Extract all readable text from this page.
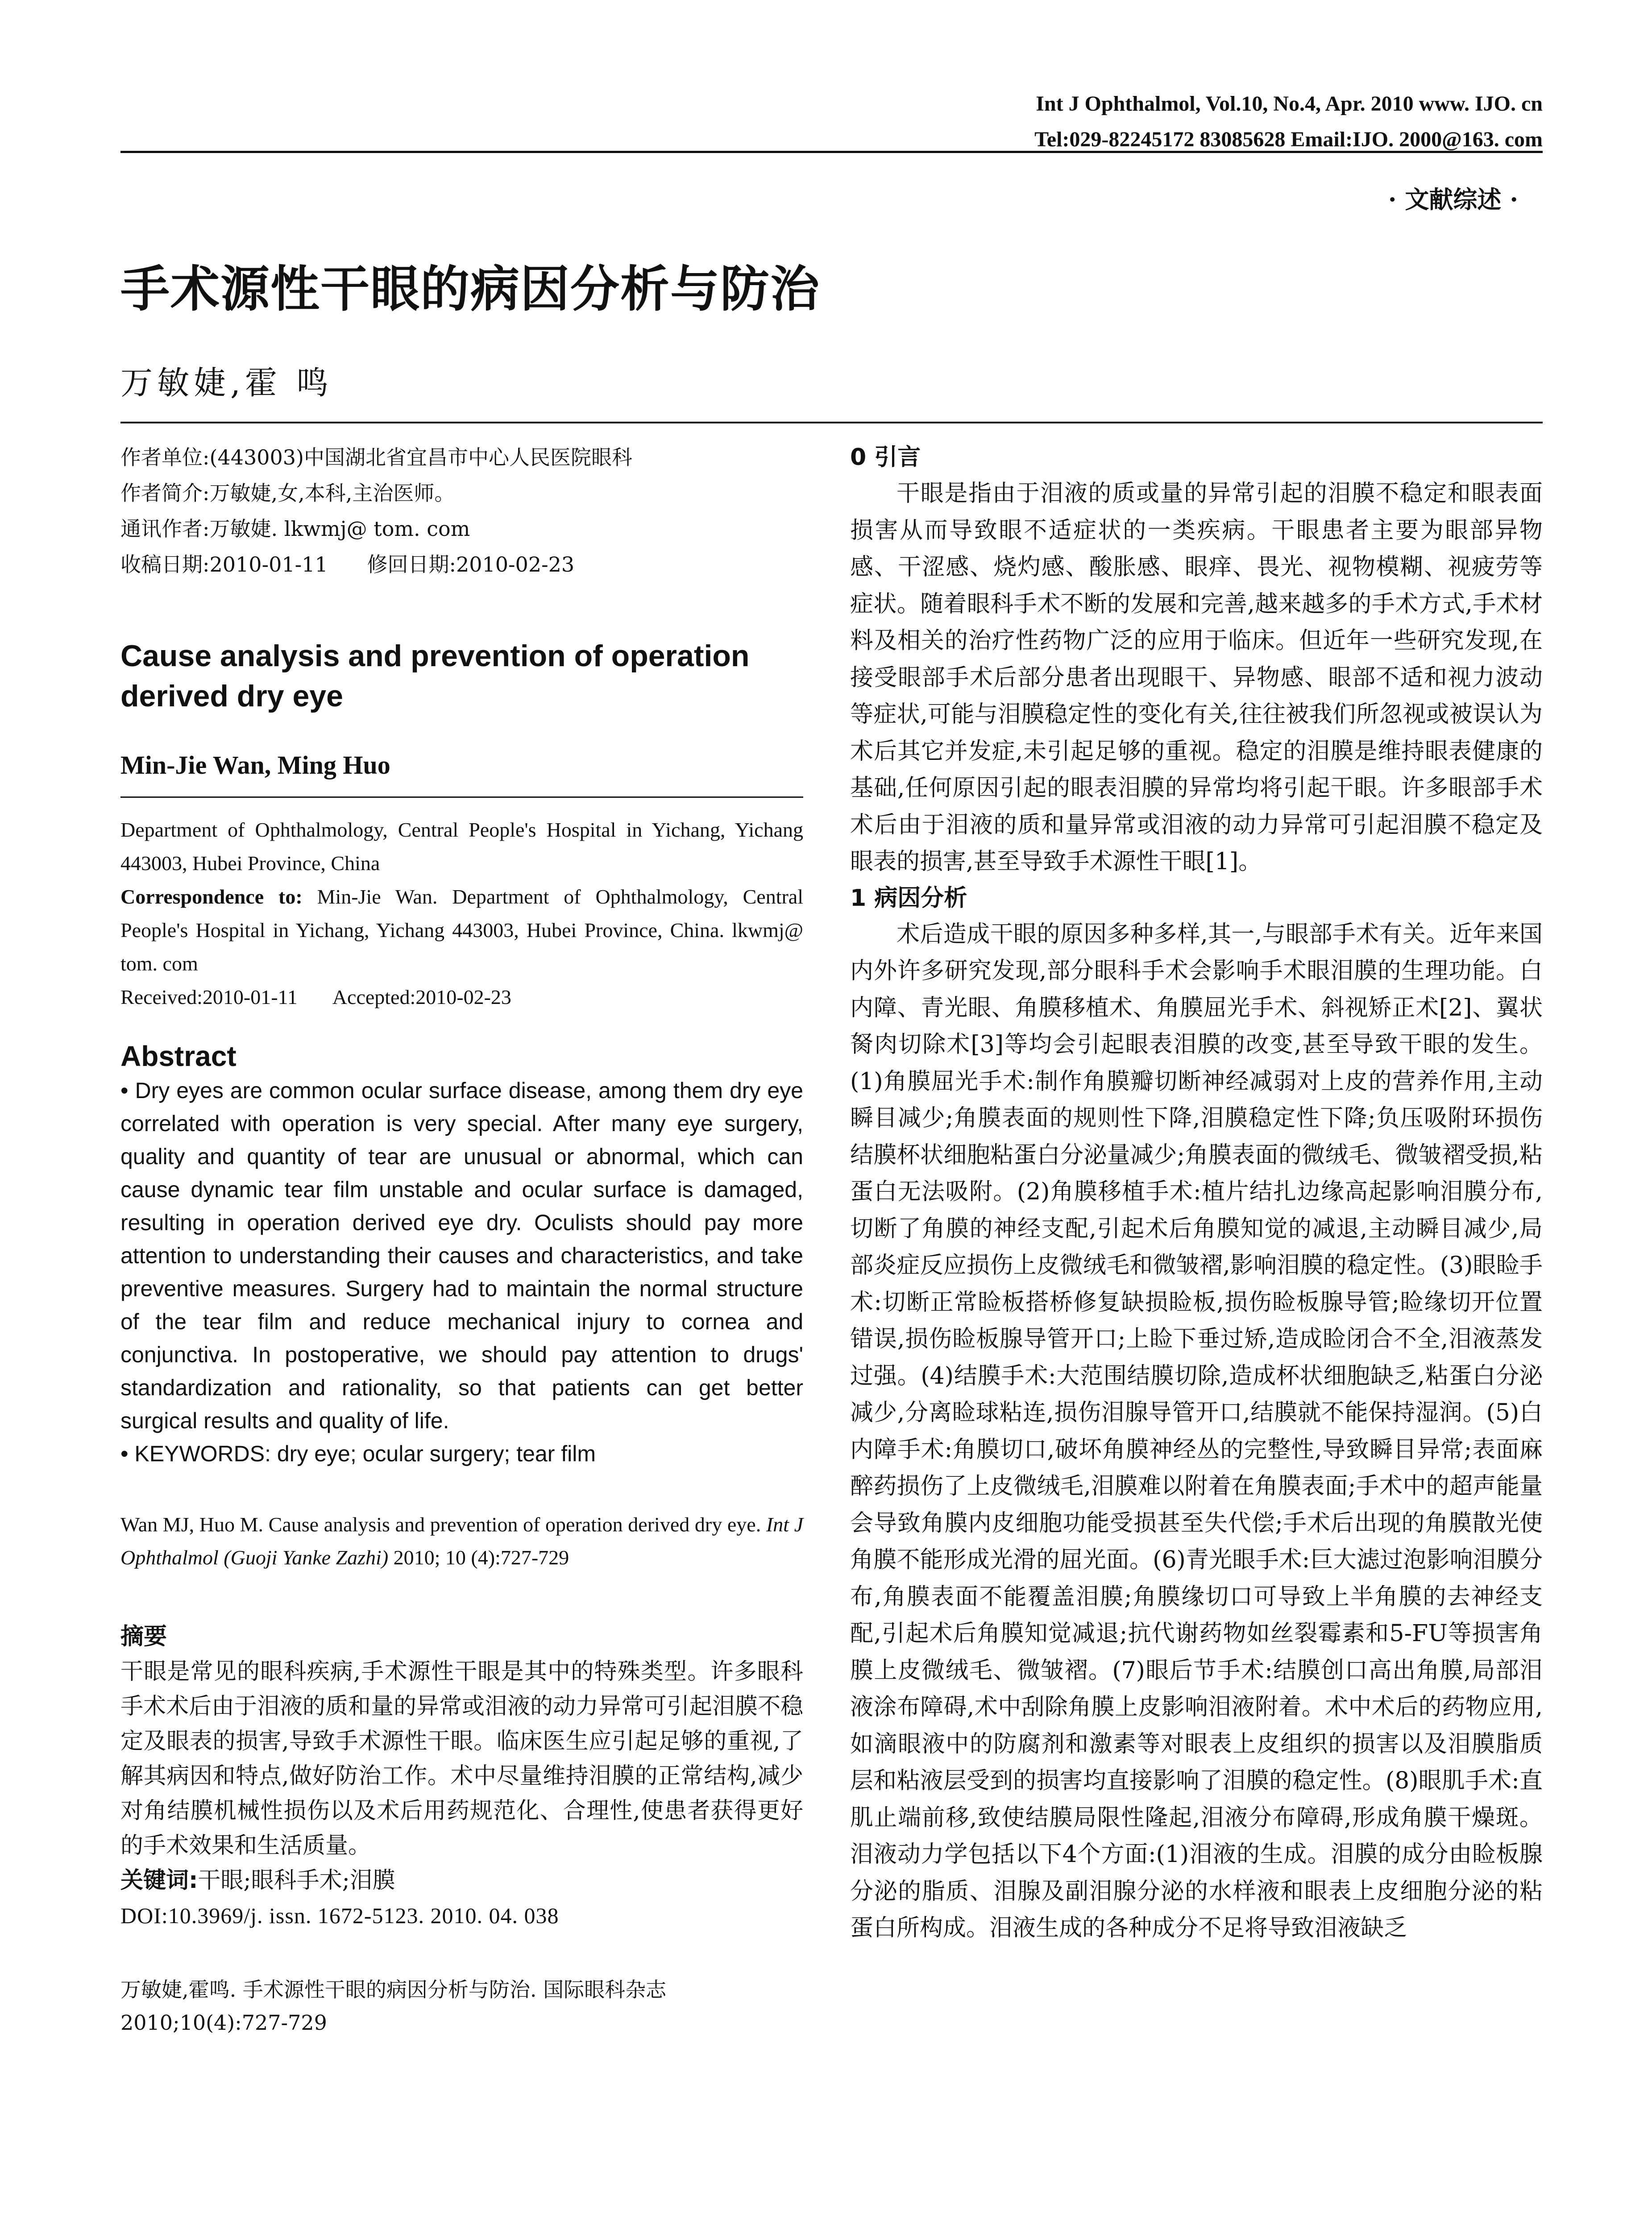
Int J Ophthalmol, Vol.10, No.4, Apr. 2010 www. IJO. cn
Tel:029-82245172 83085628 Email:IJO. 2000@163. com
· 文献综述 ·
手术源性干眼的病因分析与防治
万敏婕,霍 鸣
作者单位:(443003)中国湖北省宜昌市中心人民医院眼科
作者简介:万敏婕,女,本科,主治医师。
通讯作者:万敏婕. lkwmj@ tom. com
收稿日期:2010-01-11      修回日期:2010-02-23
Cause analysis and prevention of operation derived dry eye
Min-Jie Wan, Ming Huo
Department of Ophthalmology, Central People's Hospital in Yichang, Yichang 443003, Hubei Province, China
Correspondence to: Min-Jie Wan. Department of Ophthalmology, Central People's Hospital in Yichang, Yichang 443003, Hubei Province, China. lkwmj@ tom. com
Received:2010-01-11       Accepted:2010-02-23
Abstract
• Dry eyes are common ocular surface disease, among them dry eye correlated with operation is very special. After many eye surgery, quality and quantity of tear are unusual or abnormal, which can cause dynamic tear film unstable and ocular surface is damaged, resulting in operation derived eye dry. Oculists should pay more attention to understanding their causes and characteristics, and take preventive measures. Surgery had to maintain the normal structure of the tear film and reduce mechanical injury to cornea and conjunctiva. In postoperative, we should pay attention to drugs' standardization and rationality, so that patients can get better surgical results and quality of life.
• KEYWORDS: dry eye; ocular surgery; tear film
Wan MJ, Huo M. Cause analysis and prevention of operation derived dry eye. Int J Ophthalmol (Guoji Yanke Zazhi) 2010; 10 (4):727-729
摘要
干眼是常见的眼科疾病,手术源性干眼是其中的特殊类型。许多眼科手术术后由于泪液的质和量的异常或泪液的动力异常可引起泪膜不稳定及眼表的损害,导致手术源性干眼。临床医生应引起足够的重视,了解其病因和特点,做好防治工作。术中尽量维持泪膜的正常结构,减少对角结膜机械性损伤以及术后用药规范化、合理性,使患者获得更好的手术效果和生活质量。
关键词:干眼;眼科手术;泪膜
DOI:10.3969/j. issn. 1672-5123. 2010. 04. 038
万敏婕,霍鸣. 手术源性干眼的病因分析与防治. 国际眼科杂志 2010;10(4):727-729
0 引言

干眼是指由于泪液的质或量的异常引起的泪膜不稳定和眼表面损害从而导致眼不适症状的一类疾病。干眼患者主要为眼部异物感、干涩感、烧灼感、酸胀感、眼痒、畏光、视物模糊、视疲劳等症状。随着眼科手术不断的发展和完善,越来越多的手术方式,手术材料及相关的治疗性药物广泛的应用于临床。但近年一些研究发现,在接受眼部手术后部分患者出现眼干、异物感、眼部不适和视力波动等症状,可能与泪膜稳定性的变化有关,往往被我们所忽视或被误认为术后其它并发症,未引起足够的重视。稳定的泪膜是维持眼表健康的基础,任何原因引起的眼表泪膜的异常均将引起干眼。许多眼部手术术后由于泪液的质和量异常或泪液的动力异常可引起泪膜不稳定及眼表的损害,甚至导致手术源性干眼[1]。

1 病因分析

术后造成干眼的原因多种多样,其一,与眼部手术有关。近年来国内外许多研究发现,部分眼科手术会影响手术眼泪膜的生理功能。白内障、青光眼、角膜移植术、角膜屈光手术、斜视矫正术[2]、翼状胬肉切除术[3]等均会引起眼表泪膜的改变,甚至导致干眼的发生。(1)角膜屈光手术:制作角膜瓣切断神经减弱对上皮的营养作用,主动瞬目减少;角膜表面的规则性下降,泪膜稳定性下降;负压吸附环损伤结膜杯状细胞粘蛋白分泌量减少;角膜表面的微绒毛、微皱褶受损,粘蛋白无法吸附。(2)角膜移植手术:植片结扎边缘高起影响泪膜分布,切断了角膜的神经支配,引起术后角膜知觉的减退,主动瞬目减少,局部炎症反应损伤上皮微绒毛和微皱褶,影响泪膜的稳定性。(3)眼睑手术:切断正常睑板搭桥修复缺损睑板,损伤睑板腺导管;睑缘切开位置错误,损伤睑板腺导管开口;上睑下垂过矫,造成睑闭合不全,泪液蒸发过强。(4)结膜手术:大范围结膜切除,造成杯状细胞缺乏,粘蛋白分泌减少,分离睑球粘连,损伤泪腺导管开口,结膜就不能保持湿润。(5)白内障手术:角膜切口,破坏角膜神经丛的完整性,导致瞬目异常;表面麻醉药损伤了上皮微绒毛,泪膜难以附着在角膜表面;手术中的超声能量会导致角膜内皮细胞功能受损甚至失代偿;手术后出现的角膜散光使角膜不能形成光滑的屈光面。(6)青光眼手术:巨大滤过泡影响泪膜分布,角膜表面不能覆盖泪膜;角膜缘切口可导致上半角膜的去神经支配,引起术后角膜知觉减退;抗代谢药物如丝裂霉素和5-FU等损害角膜上皮微绒毛、微皱褶。(7)眼后节手术:结膜创口高出角膜,局部泪液涂布障碍,术中刮除角膜上皮影响泪液附着。术中术后的药物应用,如滴眼液中的防腐剂和激素等对眼表上皮组织的损害以及泪膜脂质层和粘液层受到的损害均直接影响了泪膜的稳定性。(8)眼肌手术:直肌止端前移,致使结膜局限性隆起,泪液分布障碍,形成角膜干燥斑。泪液动力学包括以下4个方面:(1)泪液的生成。泪膜的成分由睑板腺分泌的脂质、泪腺及副泪腺分泌的水样液和眼表上皮细胞分泌的粘蛋白所构成。泪液生成的各种成分不足将导致泪液缺乏
